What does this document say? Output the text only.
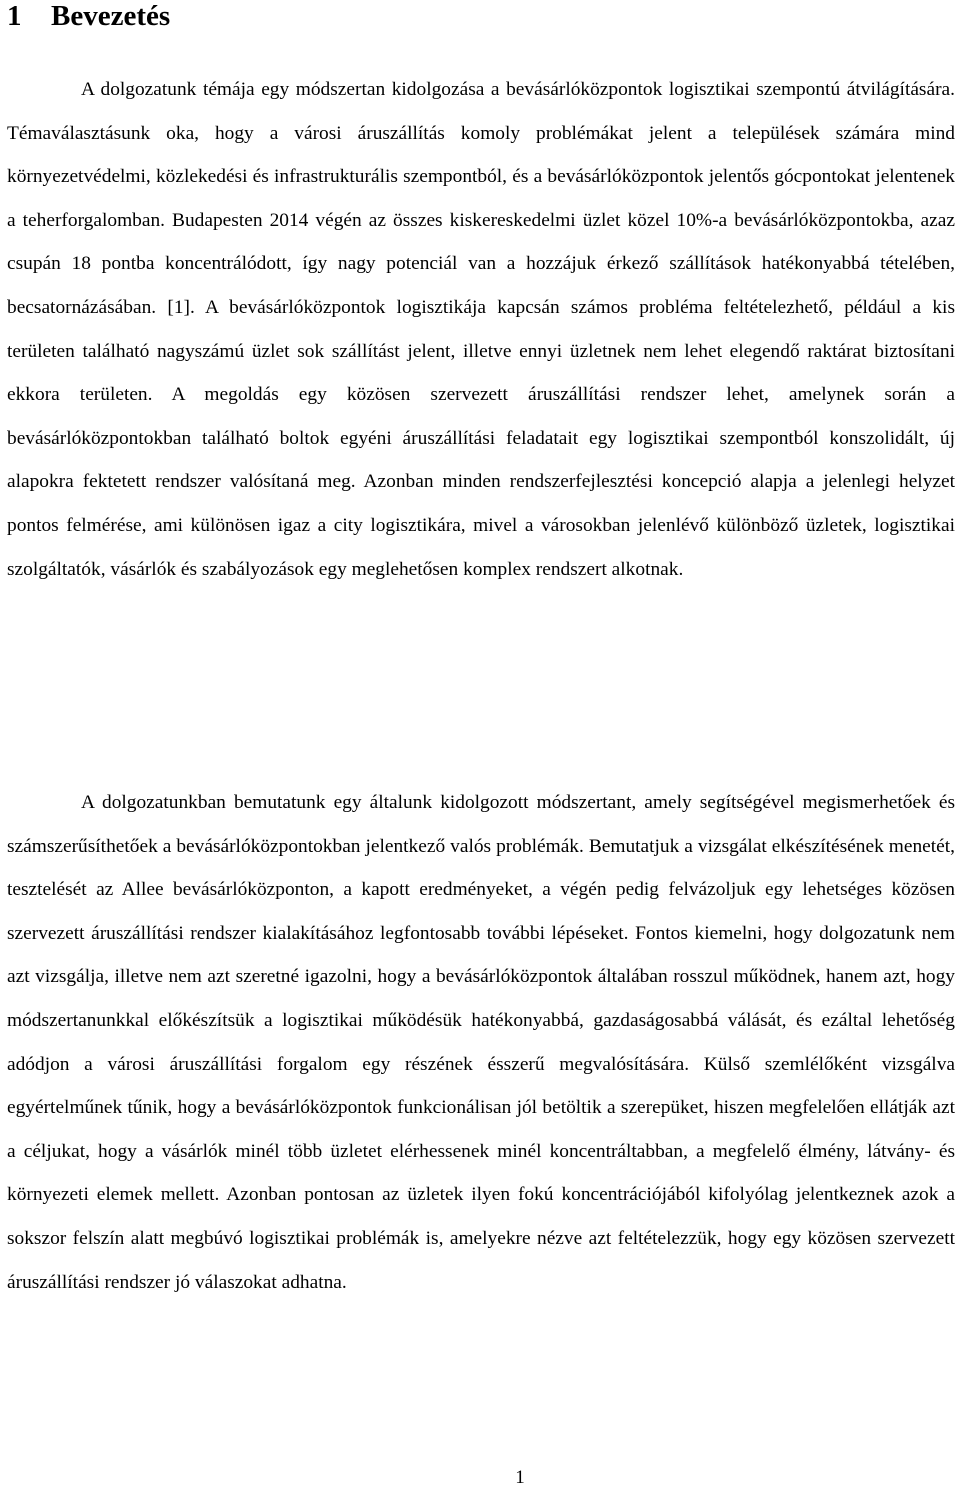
1 Bevezetés

A dolgozatunk témája egy módszertan kidolgozása a bevásárlóközpontok logisztikai szempontú átvilágítására. Témaválasztásunk oka, hogy a városi áruszállítás komoly problémákat jelent a települések számára mind környezetvédelmi, közlekedési és infrastrukturális szempontból, és a bevásárlóközpontok jelentős gócpontokat jelentenek a teherforgalomban. Budapesten 2014 végén az összes kiskereskedelmi üzlet közel 10%-a bevásárlóközpontokba, azaz csupán 18 pontba koncentrálódott, így nagy potenciál van a hozzájuk érkező szállítások hatékonyabbá tételében, becsatornázásában. [1]. A bevásárlóközpontok logisztikája kapcsán számos probléma feltételezhető, például a kis területen található nagyszámú üzlet sok szállítást jelent, illetve ennyi üzletnek nem lehet elegendő raktárat biztosítani ekkora területen. A megoldás egy közösen szervezett áruszállítási rendszer lehet, amelynek során a bevásárlóközpontokban található boltok egyéni áruszállítási feladatait egy logisztikai szempontból konszolidált, új alapokra fektetett rendszer valósítaná meg. Azonban minden rendszerfejlesztési koncepció alapja a jelenlegi helyzet pontos felmérése, ami különösen igaz a city logisztikára, mivel a városokban jelenlévő különböző üzletek, logisztikai szolgáltatók, vásárlók és szabályozások egy meglehetősen komplex rendszert alkotnak.

A dolgozatunkban bemutatunk egy általunk kidolgozott módszertant, amely segítségével megismerhetőek és számszerűsíthetőek a bevásárlóközpontokban jelentkező valós problémák. Bemutatjuk a vizsgálat elkészítésének menetét, tesztelését az Allee bevásárlóközponton, a kapott eredményeket, a végén pedig felvázoljuk egy lehetséges közösen szervezett áruszállítási rendszer kialakításához legfontosabb további lépéseket. Fontos kiemelni, hogy dolgozatunk nem azt vizsgálja, illetve nem azt szeretné igazolni, hogy a bevásárlóközpontok általában rosszul működnek, hanem azt, hogy módszertanunkkal előkészítsük a logisztikai működésük hatékonyabbá, gazdaságosabbá válását, és ezáltal lehetőség adódjon a városi áruszállítási forgalom egy részének ésszerű megvalósítására. Külső szemlélőként vizsgálva egyértelműnek tűnik, hogy a bevásárlóközpontok funkcionálisan jól betöltik a szerepüket, hiszen megfelelően ellátják azt a céljukat, hogy a vásárlók minél több üzletet elérhessenek minél koncentráltabban, a megfelelő élmény, látvány- és környezeti elemek mellett. Azonban pontosan az üzletek ilyen fokú koncentrációjából kifolyólag jelentkeznek azok a sokszor felszín alatt megbúvó logisztikai problémák is, amelyekre nézve azt feltételezzük, hogy egy közösen szervezett áruszállítási rendszer jó válaszokat adhatna.

1
